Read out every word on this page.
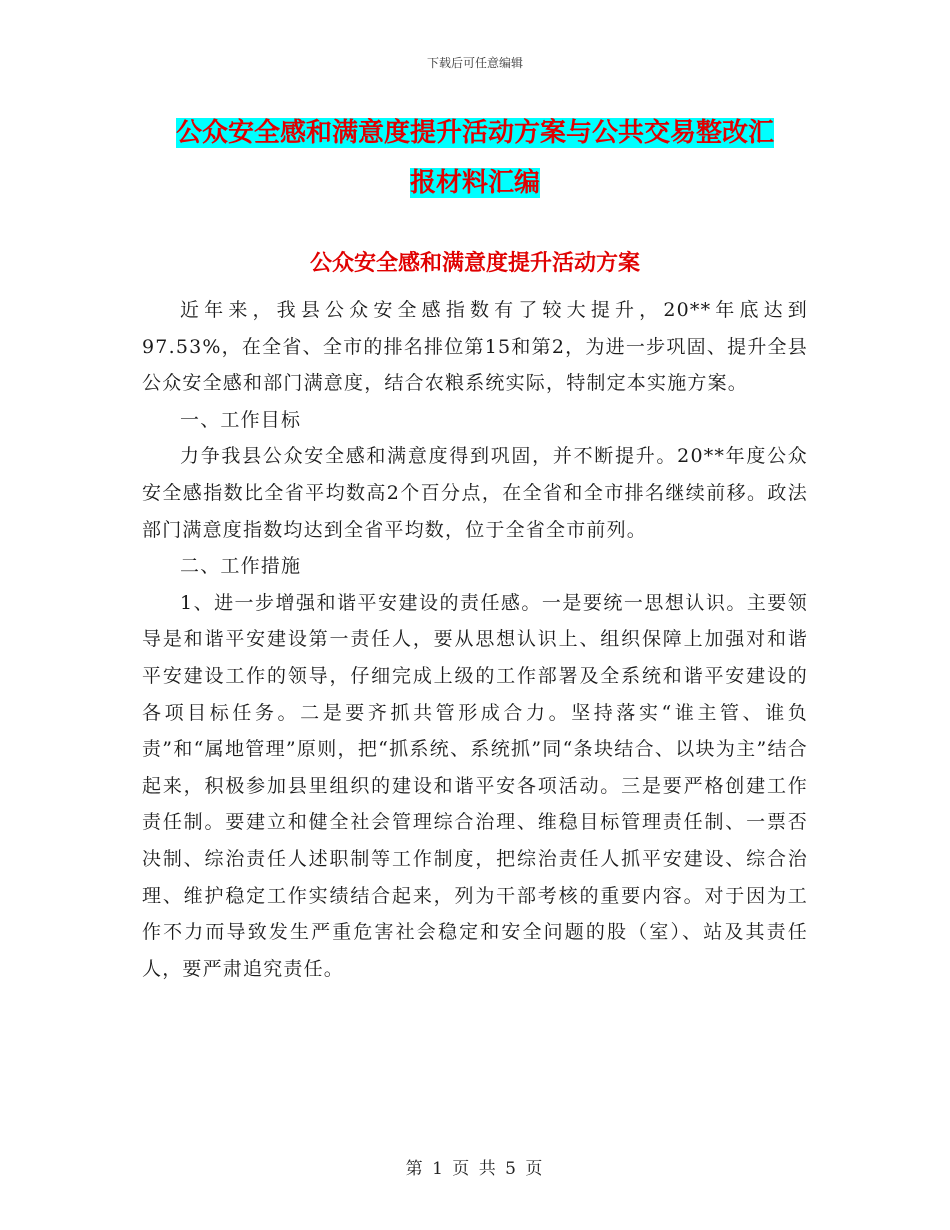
下载后可任意编辑
公众安全感和满意度提升活动方案与公共交易整改汇
报材料汇编
公众安全感和满意度提升活动方案

近年来，我县公众安全感指数有了较大提升，20**年底达到97.53%，在全省、全市的排名排位第15和第2，为进一步巩固、提升全县公众安全感和部门满意度，结合农粮系统实际，特制定本实施方案。

一、工作目标

力争我县公众安全感和满意度得到巩固，并不断提升。20**年度公众安全感指数比全省平均数高2个百分点，在全省和全市排名继续前移。政法部门满意度指数均达到全省平均数，位于全省全市前列。

二、工作措施

1、进一步增强和谐平安建设的责任感。一是要统一思想认识。主要领导是和谐平安建设第一责任人，要从思想认识上、组织保障上加强对和谐平安建设工作的领导，仔细完成上级的工作部署及全系统和谐平安建设的各项目标任务。二是要齐抓共管形成合力。坚持落实“谁主管、谁负责”和“属地管理”原则，把“抓系统、系统抓”同“条块结合、以块为主”结合起来，积极参加县里组织的建设和谐平安各项活动。三是要严格创建工作责任制。要建立和健全社会管理综合治理、维稳目标管理责任制、一票否决制、综治责任人述职制等工作制度，把综治责任人抓平安建设、综合治理、维护稳定工作实绩结合起来，列为干部考核的重要内容。对于因为工作不力而导致发生严重危害社会稳定和安全问题的股（室）、站及其责任人，要严肃追究责任。

第 1 页 共 5 页
